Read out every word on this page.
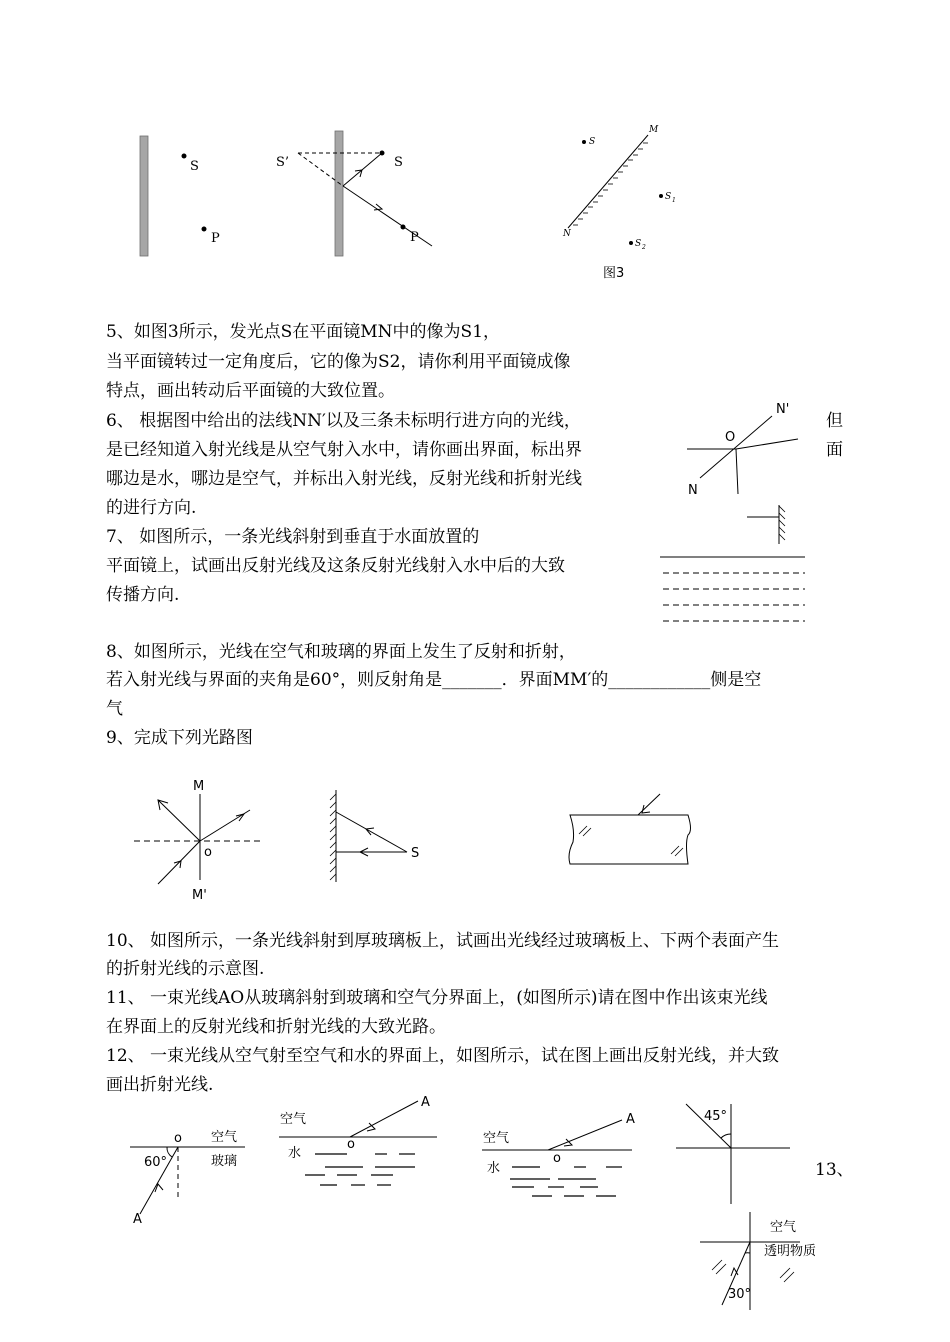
S
P
S’	S
P
S
M
N
S 1
S 2
图3
5、如图3所示，发光点S在平面镜MN中的像为S1，
当平面镜转过一定角度后，它的像为S2，请你利用平面镜成像
特点，画出转动后平面镜的大致位置。
6、 根据图中给出的法线NN′以及三条未标明行进方向的光线，
是已经知道入射光线是从空气射入水中，请你画出界面，标出界
哪边是水，哪边是空气，并标出入射光线，反射光线和折射光线
的进行方向.
但
面
N'
O
N
7、 如图所示，一条光线斜射到垂直于水面放置的
平面镜上，试画出反射光线及这条反射光线射入水中后的大致
传播方向.
8、如图所示，光线在空气和玻璃的界面上发生了反射和折射，
若入射光线与界面的夹角是60°，则反射角是_______．界面MM′的____________侧是空
气
9、完成下列光路图
M
o
M'
S
10、 如图所示，一条光线斜射到厚玻璃板上，试画出光线经过玻璃板上、下两个表面产生
的折射光线的示意图.
11、 一束光线AO从玻璃斜射到玻璃和空气分界面上，(如图所示)请在图中作出该束光线
在界面上的反射光线和折射光线的大致光路。
12、 一束光线从空气射至空气和水的界面上，如图所示，试在图上画出反射光线，并大致
画出折射光线.
o 空气
玻璃
60°
A
空气
水
A
o	空气
水
A
o
45°
13、
空气
透明物质
30°
